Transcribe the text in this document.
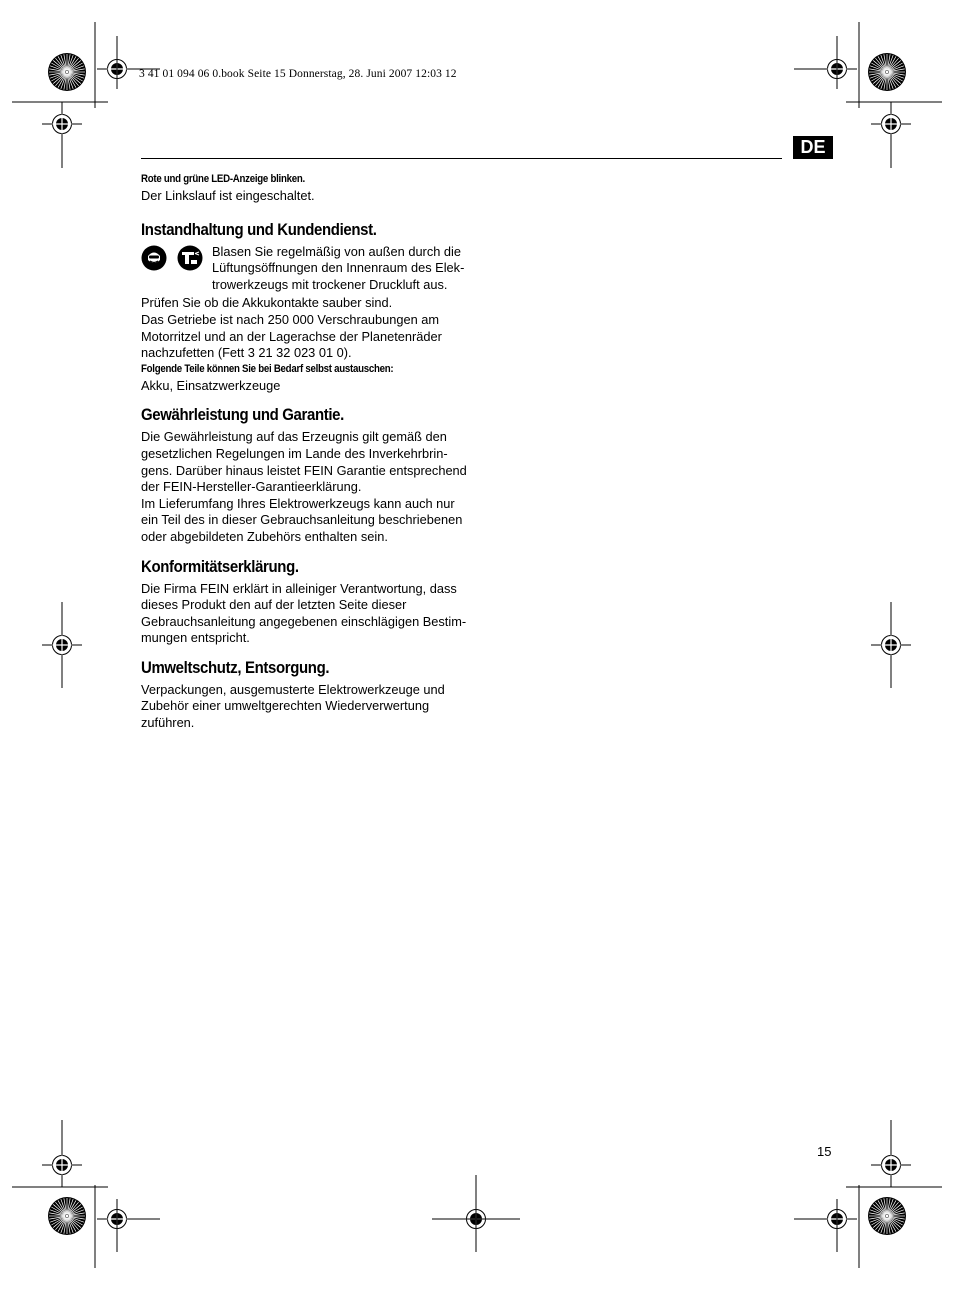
3 41 01 094 06 0.book Seite 15 Donnerstag, 28. Juni 2007 12:03 12
DE
Rote und grüne LED-Anzeige blinken.
Der Linkslauf ist eingeschaltet.
Instandhaltung und Kundendienst.
Blasen Sie regelmäßig von außen durch die
Lüftungsöffnungen den Innenraum des Elek-
trowerkzeugs mit trockener Druckluft aus.
Prüfen Sie ob die Akkukontakte sauber sind.
Das Getriebe ist nach 250 000 Verschraubungen am
Motorritzel und an der Lagerachse der Planetenräder
nachzufetten (Fett 3 21 32 023 01 0).
Folgende Teile können Sie bei Bedarf selbst austauschen:
Akku, Einsatzwerkzeuge
Gewährleistung und Garantie.
Die Gewährleistung auf das Erzeugnis gilt gemäß den
gesetzlichen Regelungen im Lande des Inverkehrbrin-
gens. Darüber hinaus leistet FEIN Garantie entsprechend
der FEIN-Hersteller-Garantieerklärung.
Im Lieferumfang Ihres Elektrowerkzeugs kann auch nur
ein Teil des in dieser Gebrauchsanleitung beschriebenen
oder abgebildeten Zubehörs enthalten sein.
Konformitätserklärung.
Die Firma FEIN erklärt in alleiniger Verantwortung, dass
dieses Produkt den auf der letzten Seite dieser
Gebrauchsanleitung angegebenen einschlägigen Bestim-
mungen entspricht.
Umweltschutz, Entsorgung.
Verpackungen, ausgemusterte Elektrowerkzeuge und
Zubehör einer umweltgerechten Wiederverwertung
zuführen.
15
